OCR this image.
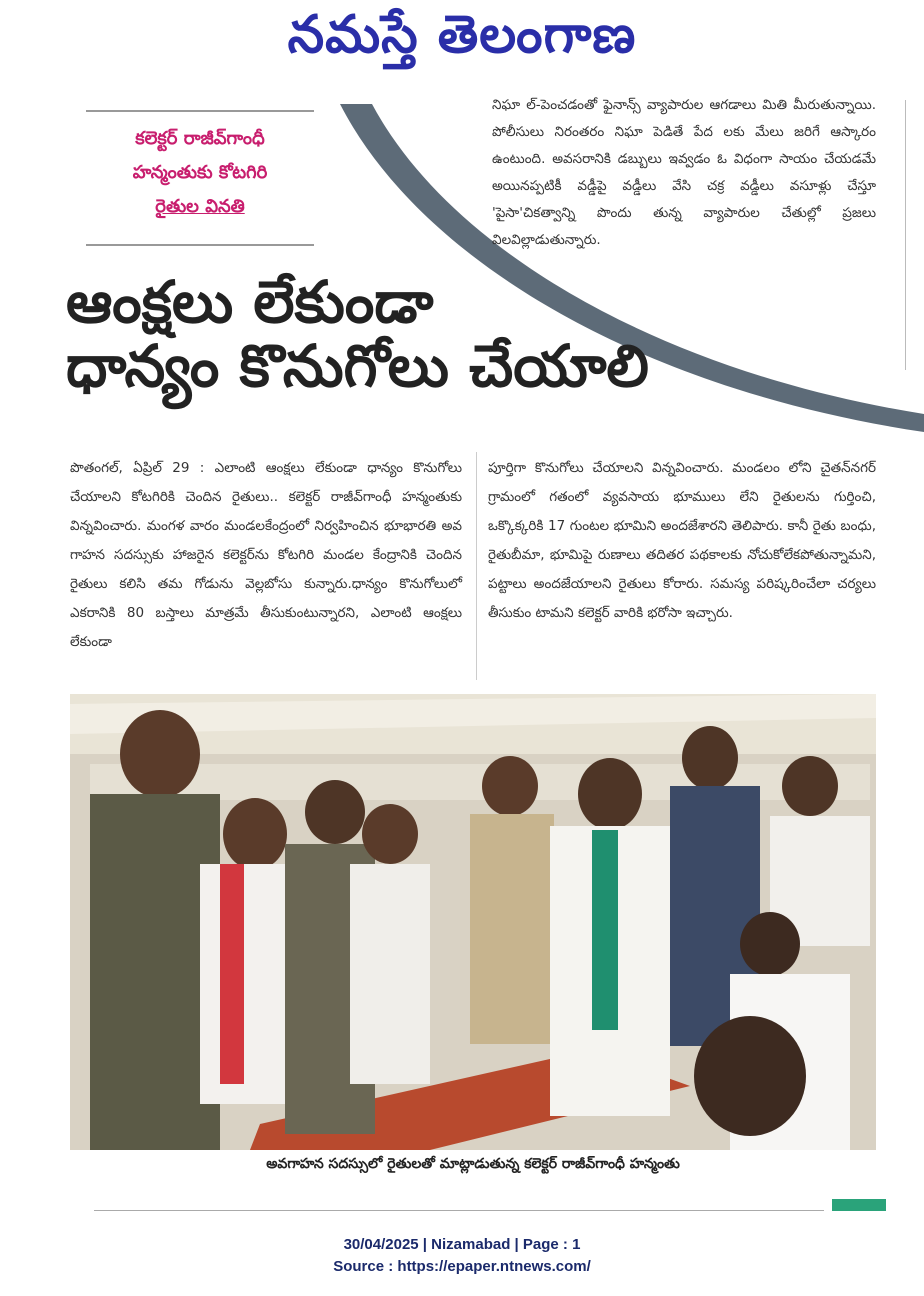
నమస్తే తెలంగాణ
కలెక్టర్ రాజీవ్‌గాంధీ
హన్మంతుకు కోటగిరి
రైతుల వినతి
నిఘా ల్‌-పెంచడంతో ఫైనాన్స్ వ్యాపారుల ఆగడాలు మితి మీరుతున్నాయి. పోలీసులు నిరంతరం నిఘా పెడితే పేద లకు మేలు జరిగే ఆస్కారం ఉంటుంది. అవసరానికి డబ్బులు ఇవ్వడం ఓ విధంగా సాయం చేయడమే అయినప్పటికీ వడ్డీపై వడ్డీలు వేసి చక్ర వడ్డీలు వసూళ్లు చేస్తూ 'పైసా'చికత్వాన్ని పొందు తున్న వ్యాపారుల చేతుల్లో ప్రజలు విలవిల్లాడుతున్నారు.
ఆంక్షలు లేకుండా
ధాన్యం కొనుగోలు చేయాలి
పొతంగల్, ఏప్రిల్ 29 : ఎలాంటి ఆంక్షలు లేకుండా ధాన్యం కొనుగోలు చేయాలని కోటగిరికి చెందిన రైతులు.. కలెక్టర్ రాజీవ్‌గాంధీ హన్మంతుకు విన్నవించారు. మంగళ వారం మండలకేంద్రంలో నిర్వహించిన భూభారతి అవ గాహన సదస్సుకు హాజరైన కలెక్టర్‌ను కోటగిరి మండల కేంద్రానికి చెందిన రైతులు కలిసి తమ గోడును వెల్లబోసు కున్నారు.ధాన్యం కొనుగోలులో ఎకరానికి 80 బస్తాలు మాత్రమే తీసుకుంటున్నారని, ఎలాంటి ఆంక్షలు లేకుండా
పూర్తిగా కొనుగోలు చేయాలని విన్నవించారు. మండలం లోని చైతన్‌నగర్ గ్రామంలో గతంలో వ్యవసాయ భూములు లేని రైతులను గుర్తించి, ఒక్కొక్కరికి 17 గుంటల భూమిని అందజేశారని తెలిపారు. కానీ రైతు బంధు, రైతుబీమా, భూమిపై రుణాలు తదితర పథకాలకు నోచుకోలేకపోతున్నామని, పట్టాలు అందజేయాలని రైతులు కోరారు. సమస్య పరిష్కరించేలా చర్యలు తీసుకుం టామని కలెక్టర్ వారికి భరోసా ఇచ్చారు.
అవగాహన సదస్సులో రైతులతో మాట్లాడుతున్న కలెక్టర్ రాజీవ్‌గాంధీ హన్మంతు
30/04/2025 | Nizamabad | Page : 1
Source : https://epaper.ntnews.com/
